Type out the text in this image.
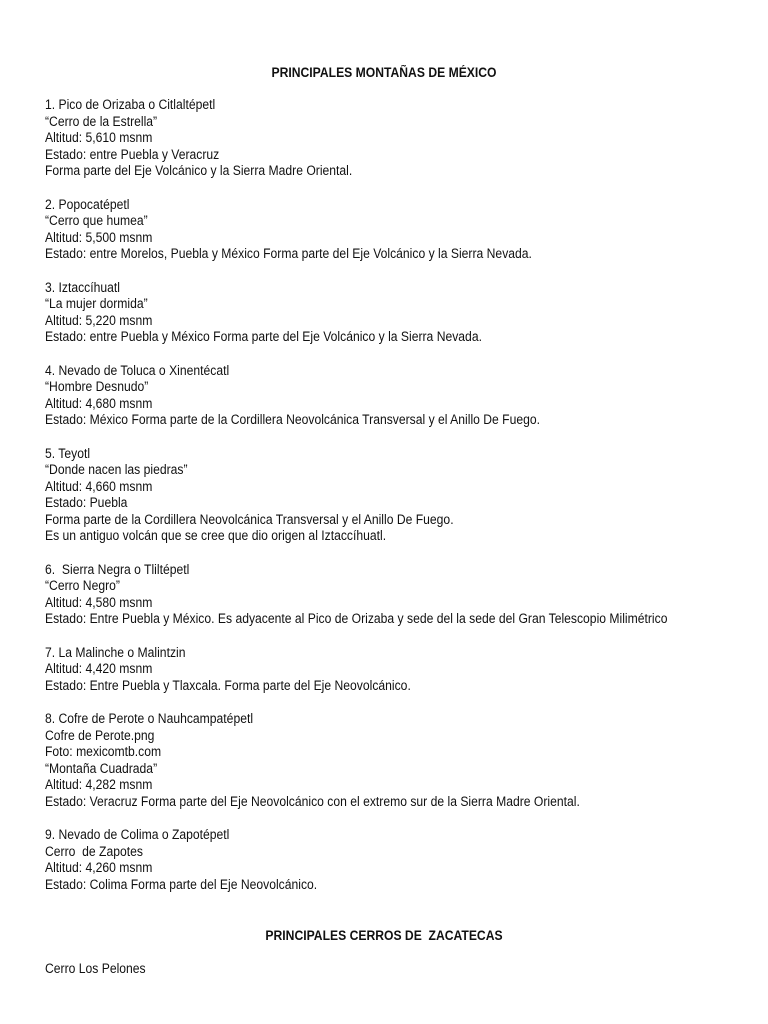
PRINCIPALES MONTAÑAS DE MÉXICO
1. Pico de Orizaba o Citlaltépetl
“Cerro de la Estrella”
Altitud: 5,610 msnm
Estado: entre Puebla y Veracruz
Forma parte del Eje Volcánico y la Sierra Madre Oriental.
2. Popocatépetl
“Cerro que humea”
Altitud: 5,500 msnm
Estado: entre Morelos, Puebla y México Forma parte del Eje Volcánico y la Sierra Nevada.
3. Iztaccíhuatl
“La mujer dormida”
Altitud: 5,220 msnm
Estado: entre Puebla y México Forma parte del Eje Volcánico y la Sierra Nevada.
4. Nevado de Toluca o Xinentécatl
“Hombre Desnudo”
Altitud: 4,680 msnm
Estado: México Forma parte de la Cordillera Neovolcánica Transversal y el Anillo De Fuego.
5. Teyotl
“Donde nacen las piedras”
Altitud: 4,660 msnm
Estado: Puebla
Forma parte de la Cordillera Neovolcánica Transversal y el Anillo De Fuego.
Es un antiguo volcán que se cree que dio origen al Iztaccíhuatl.
6.  Sierra Negra o Tliltépetl
“Cerro Negro”
Altitud: 4,580 msnm
Estado: Entre Puebla y México. Es adyacente al Pico de Orizaba y sede del la sede del Gran Telescopio Milimétrico
7. La Malinche o Malintzin
Altitud: 4,420 msnm
Estado: Entre Puebla y Tlaxcala. Forma parte del Eje Neovolcánico.
8. Cofre de Perote o Nauhcampatépetl
Cofre de Perote.png
Foto: mexicomtb.com
“Montaña Cuadrada”
Altitud: 4,282 msnm
Estado: Veracruz Forma parte del Eje Neovolcánico con el extremo sur de la Sierra Madre Oriental.
9. Nevado de Colima o Zapotépetl
Cerro  de Zapotes
Altitud: 4,260 msnm
Estado: Colima Forma parte del Eje Neovolcánico.
PRINCIPALES CERROS DE  ZACATECAS
Cerro Los Pelones
